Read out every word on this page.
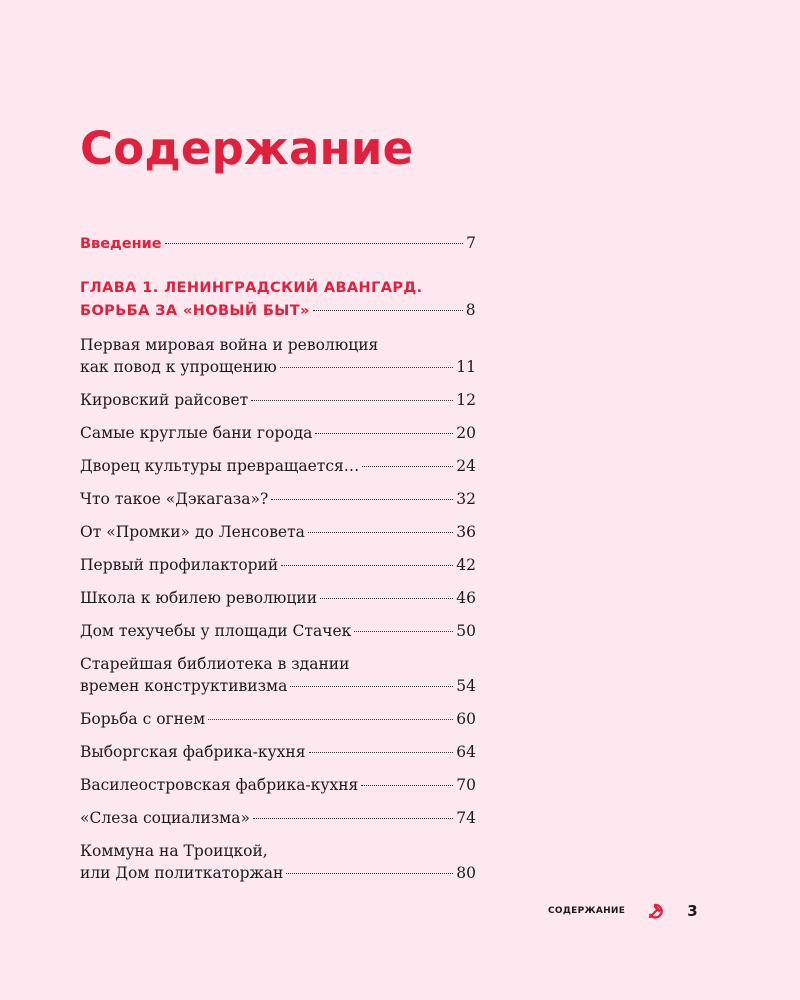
Содержание
Введение	7
ГЛАВА 1. ЛЕНИНГРАДСКИЙ АВАНГАРД.
БОРЬБА ЗА «НОВЫЙ БЫТ»	8
Первая мировая война и революция
как повод к упрощению	11
Кировский райсовет	12
Самые круглые бани города	20
Дворец культуры превращается…	24
Что такое «Дэкагаза»?	32
От «Промки» до Ленсовета	36
Первый профилакторий	42
Школа к юбилею революции	46
Дом техучебы у площади Стачек	50
Старейшая библиотека в здании
времен конструктивизма	54
Борьба с огнем	60
Выборгская фабрика-кухня	64
Василеостровская фабрика-кухня	70
«Слеза социализма»	74
Коммуна на Троицкой,
или Дом политкаторжан	80
СОДЕРЖАНИЕ	3
